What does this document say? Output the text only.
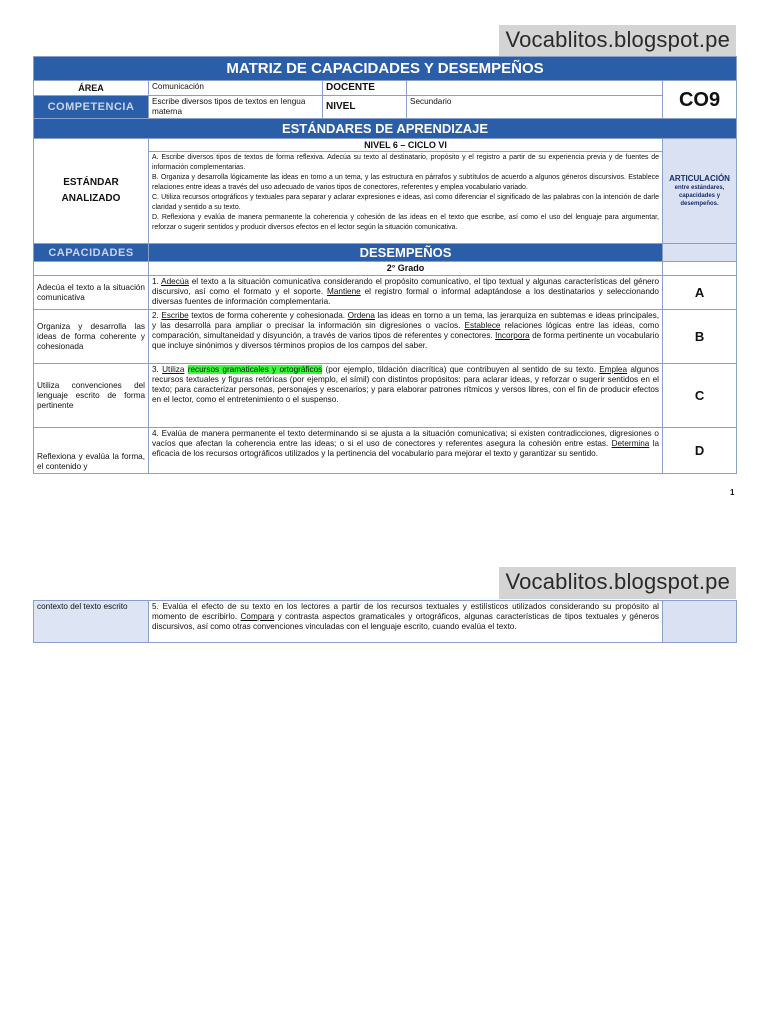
Vocablitos.blogspot.pe
MATRIZ DE CAPACIDADES Y DESEMPEÑOS				
ÁREA	Comunicación	DOCENTE		CO9
COMPETENCIA	Escribe diversos tipos de textos en lengua materna	NIVEL	Secundario	
ESTÁNDARES DE APRENDIZAJE				
ESTÁNDAR ANALIZADO	NIVEL 6 – CICLO VI			ARTICULACIÓN
entre estándares, capacidades y desempeños.

	A. Escribe diversos tipos de textos de forma reflexiva. Adecúa su texto al destinatario, propósito y el registro a partir de su experiencia previa y de fuentes de información complementarias.
B. Organiza y desarrolla lógicamente las ideas en torno a un tema, y las estructura en párrafos y subtítulos de acuerdo a algunos géneros discursivos. Establece relaciones entre ideas a través del uso adecuado de varios tipos de conectores, referentes y emplea vocabulario variado.
C. Utiliza recursos ortográficos y textuales para separar y aclarar expresiones e ideas, así como diferenciar el significado de las palabras con la intención de darle claridad y sentido a su texto.
D. Reflexiona y evalúa de manera permanente la coherencia y cohesión de las ideas en el texto que escribe, así como el uso del lenguaje para argumentar, reforzar o sugerir sentidos y producir diversos efectos en el lector según la situación comunicativa.			

CAPACIDADES	DESEMPEÑOS			
	2° Grado			
Adecúa el texto a la situación comunicativa	1. Adecúa el texto a la situación comunicativa considerando el propósito comunicativo, el tipo textual y algunas características del género discursivo, así como el formato y el soporte. Mantiene el registro formal o informal adaptándose a los destinatarios y seleccionando diversas fuentes de información complementaria.			A
Organiza y desarrolla las ideas de forma coherente y cohesionada	2. Escribe textos de forma coherente y cohesionada. Ordena las ideas en torno a un tema, las jerarquiza en subtemas e ideas principales, y las desarrolla para ampliar o precisar la información sin digresiones o vacíos. Establece relaciones lógicas entre las ideas, como comparación, simultaneidad y disyunción, a través de varios tipos de referentes y conectores. Incorpora de forma pertinente un vocabulario que incluye sinónimos y diversos términos propios de los campos del saber.			B
Utiliza convenciones del lenguaje escrito de forma pertinente	3. Utiliza recursos gramaticales y ortográficos (por ejemplo, tildación diacrítica) que contribuyen al sentido de su texto. Emplea algunos recursos textuales y figuras retóricas (por ejemplo, el símil) con distintos propósitos: para aclarar ideas, y reforzar o sugerir sentidos en el texto; para caracterizar personas, personajes y escenarios; y para elaborar patrones rítmicos y versos libres, con el fin de producir efectos en el lector, como el entretenimiento o el suspenso.			C
Reflexiona y evalúa la forma, el contenido y	4. Evalúa de manera permanente el texto determinando si se ajusta a la situación comunicativa; si existen contradicciones, digresiones o vacíos que afectan la coherencia entre las ideas; o si el uso de conectores y referentes asegura la cohesión entre estas. Determina la eficacia de los recursos ortográficos utilizados y la pertinencia del vocabulario para mejorar el texto y garantizar su sentido.			D
1
Vocablitos.blogspot.pe
contexto del texto escrito	5. Evalúa el efecto de su texto en los lectores a partir de los recursos textuales y estilísticos utilizados considerando su propósito al momento de escribirlo. Compara y contrasta aspectos gramaticales y ortográficos, algunas características de tipos textuales y géneros discursivos, así como otras convenciones vinculadas con el lenguaje escrito, cuando evalúa el texto.	
